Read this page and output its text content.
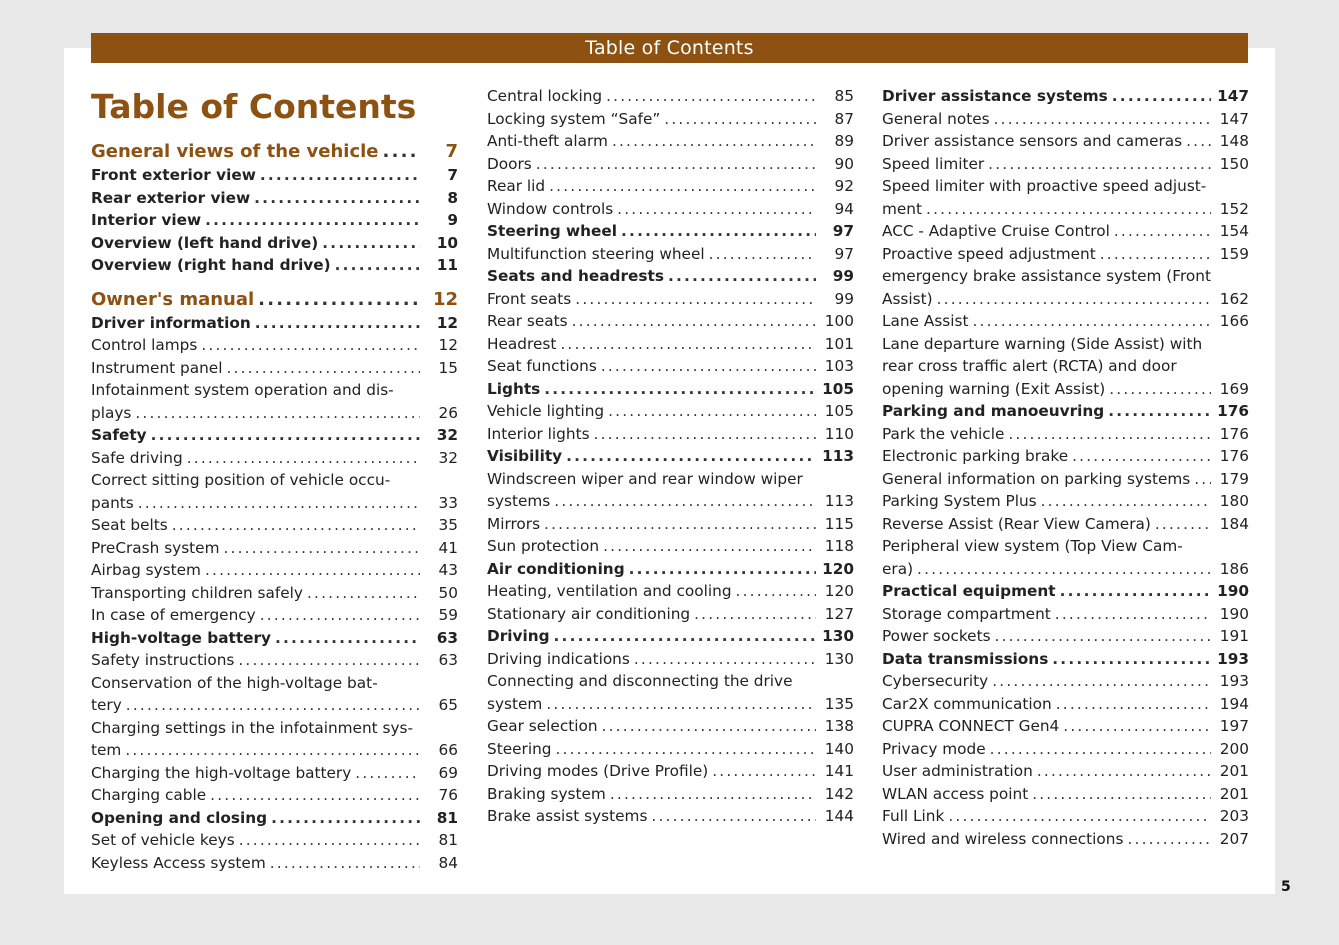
Table of Contents
Table of Contents
General views of the vehicle .....	7
Front exterior view .....	7
Rear exterior view .....	8
Interior view .....	9
Overview (left hand drive) .....	10
Overview (right hand drive) .....	11
Owner's manual .....	12
Driver information .....	12
Control lamps .....	12
Instrument panel .....	15
Infotainment system operation and dis-
plays .....	26
Safety .....	32
Safe driving .....	32
Correct sitting position of vehicle occu-
pants .....	33
Seat belts .....	35
PreCrash system .....	41
Airbag system .....	43
Transporting children safely .....	50
In case of emergency .....	59
High-voltage battery .....	63
Safety instructions .....	63
Conservation of the high-voltage bat-
tery .....	65
Charging settings in the infotainment sys-
tem .....	66
Charging the high-voltage battery .....	69
Charging cable .....	76
Opening and closing .....	81
Set of vehicle keys .....	81
Keyless Access system .....	84
Central locking .....	85
Locking system “Safe” .....	87
Anti-theft alarm .....	89
Doors .....	90
Rear lid .....	92
Window controls .....	94
Steering wheel .....	97
Multifunction steering wheel .....	97
Seats and headrests .....	99
Front seats .....	99
Rear seats .....	100
Headrest .....	101
Seat functions .....	103
Lights .....	105
Vehicle lighting .....	105
Interior lights .....	110
Visibility .....	113
Windscreen wiper and rear window wiper
systems .....	113
Mirrors .....	115
Sun protection .....	118
Air conditioning .....	120
Heating, ventilation and cooling .....	120
Stationary air conditioning .....	127
Driving .....	130
Driving indications .....	130
Connecting and disconnecting the drive
system .....	135
Gear selection .....	138
Steering .....	140
Driving modes (Drive Profile) .....	141
Braking system .....	142
Brake assist systems .....	144
Driver assistance systems .....	147
General notes .....	147
Driver assistance sensors and cameras .....	148
Speed limiter .....	150
Speed limiter with proactive speed adjust-
ment .....	152
ACC - Adaptive Cruise Control .....	154
Proactive speed adjustment .....	159
emergency brake assistance system (Front
Assist) .....	162
Lane Assist .....	166
Lane departure warning (Side Assist) with
rear cross traffic alert (RCTA) and door
opening warning (Exit Assist) .....	169
Parking and manoeuvring .....	176
Park the vehicle .....	176
Electronic parking brake .....	176
General information on parking systems .....	179
Parking System Plus .....	180
Reverse Assist (Rear View Camera) .....	184
Peripheral view system (Top View Cam-
era) .....	186
Practical equipment .....	190
Storage compartment .....	190
Power sockets .....	191
Data transmissions .....	193
Cybersecurity .....	193
Car2X communication .....	194
CUPRA CONNECT Gen4 .....	197
Privacy mode .....	200
User administration .....	201
WLAN access point .....	201
Full Link .....	203
Wired and wireless connections .....	207
5
